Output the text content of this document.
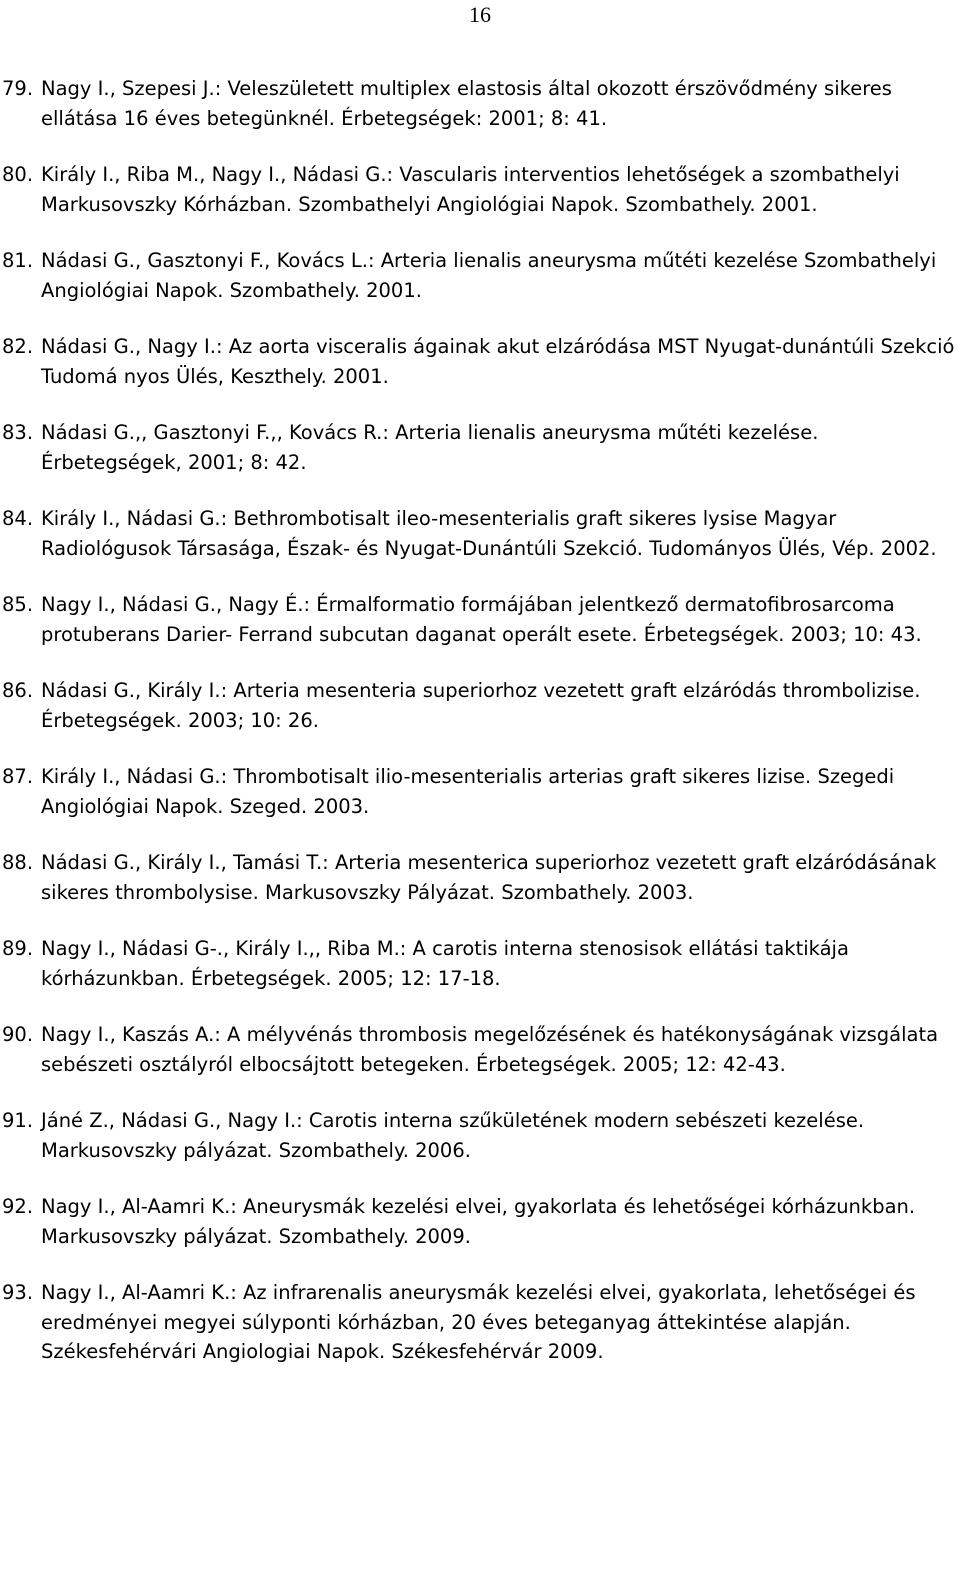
16
79. Nagy I., Szepesi J.: Veleszületett multiplex elastosis által okozott érszövődmény sikeres ellátása 16 éves betegünknél. Érbetegségek: 2001; 8: 41.
80. Király I., Riba M., Nagy I., Nádasi G.: Vascularis interventios lehetőségek a szombathelyi Markusovszky Kórházban. Szombathelyi Angiológiai Napok. Szombathely. 2001.
81. Nádasi G., Gasztonyi F., Kovács L.: Arteria lienalis aneurysma műtéti kezelése Szombathelyi Angiológiai Napok. Szombathely. 2001.
82. Nádasi G., Nagy I.: Az aorta visceralis ágainak akut elzáródása MST Nyugat-dunántúli Szekció Tudomá nyos Ülés, Keszthely. 2001.
83. Nádasi G.,, Gasztonyi F.,, Kovács R.: Arteria lienalis aneurysma műtéti kezelése. Érbetegségek, 2001; 8: 42.
84. Király I., Nádasi G.: Bethrombotisalt ileo-mesenterialis graft sikeres lysise Magyar Radiológusok Társasága, Észak- és Nyugat-Dunántúli Szekció. Tudományos Ülés, Vép. 2002.
85. Nagy I., Nádasi G., Nagy É.: Érmalformatio formájában jelentkező dermatofibrosarcoma protuberans Darier- Ferrand subcutan daganat operált esete. Érbetegségek. 2003; 10: 43.
86. Nádasi G., Király I.: Arteria mesenteria superiorhoz vezetett graft elzáródás thrombolizise. Érbetegségek. 2003; 10: 26.
87. Király I., Nádasi G.: Thrombotisalt ilio-mesenterialis arterias graft sikeres lizise. Szegedi Angiológiai Napok. Szeged. 2003.
88. Nádasi G., Király I., Tamási T.: Arteria mesenterica superiorhoz vezetett graft elzáródásának sikeres thrombolysise. Markusovszky Pályázat. Szombathely. 2003.
89. Nagy I., Nádasi G-., Király I.,, Riba M.: A carotis interna stenosisok ellátási taktikája kórházunkban. Érbetegségek. 2005; 12: 17-18.
90. Nagy I., Kaszás A.: A mélyvénás thrombosis megelőzésének és hatékonyságának vizsgálata sebészeti osztályról elbocsájtott betegeken. Érbetegségek. 2005; 12: 42-43.
91. Jáné Z., Nádasi G., Nagy I.: Carotis interna szűkületének modern sebészeti kezelése. Markusovszky pályázat. Szombathely. 2006.
92. Nagy I., Al-Aamri K.: Aneurysmák kezelési elvei, gyakorlata és lehetőségei kórházunkban. Markusovszky pályázat. Szombathely. 2009.
93. Nagy I., Al-Aamri K.: Az infrarenalis aneurysmák kezelési elvei, gyakorlata, lehetőségei és eredményei megyei súlyponti kórházban, 20 éves beteganyag áttekintése alapján. Székesfehérvári Angiologiai Napok. Székesfehérvár 2009.
